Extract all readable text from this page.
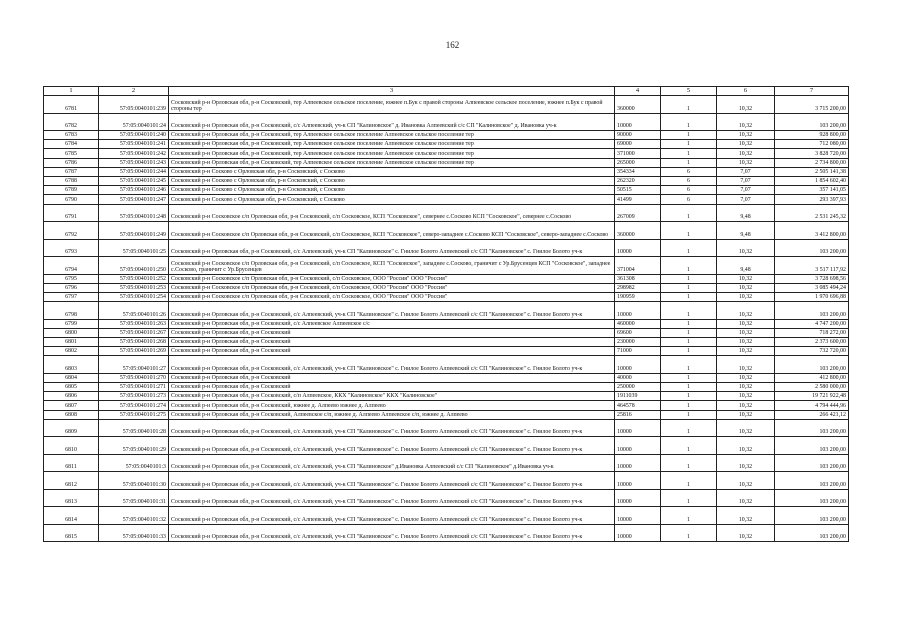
162
1	2	3	4	5	6	7
6781	57:05:0040101:239	Сосковский р-н Орловская обл, р-н Сосковский, тер Алпеевское сельское поселение, южнее п.Бук с правой стороны Алпеевское сельское поселение, южнее п.Бук с правой стороны тер	360000	1	10,32	3 715 200,00
6782	57:05:0040101:24	Сосковский р-н Орловская обл, р-н Сосковский, с/с Алпеевский, уч-к СП "Калиновское" д. Ивановка Алпеевский с/с СП "Калиновское" д. Ивановка уч-к	10000	1	10,32	103 200,00
6783	57:05:0040101:240	Сосковский р-н Орловская обл, р-н Сосковский, тер Алпеевское сельское поселение Алпеевское сельское поселение тер	90000	1	10,32	928 800,00
6784	57:05:0040101:241	Сосковский р-н Орловская обл, р-н Сосковский, тер Алпеевское сельское поселение Алпеевское сельское поселение тер	69000	1	10,32	712 080,00
6785	57:05:0040101:242	Сосковский р-н Орловская обл, р-н Сосковский, тер Алпеевское сельское поселение Алпеевское сельское поселение тер	371000	1	10,32	3 828 720,00
6786	57:05:0040101:243	Сосковский р-н Орловская обл, р-н Сосковский, тер Алпеевское сельское поселение Алпеевское сельское поселение тер	265000	1	10,32	2 734 800,00
6787	57:05:0040101:244	Сосковский р-н Сосково с Орловская обл, р-н Сосковский, с Сосково	354334	6	7,07	2 505 141,38
6788	57:05:0040101:245	Сосковский р-н Сосково с Орловская обл, р-н Сосковский, с Сосково	262320	6	7,07	1 854 602,40
6789	57:05:0040101:246	Сосковский р-н Сосково с Орловская обл, р-н Сосковский, с Сосково	50515	6	7,07	357 141,05
6790	57:05:0040101:247	Сосковский р-н Сосково с Орловская обл, р-н Сосковский, с Сосково	41499	6	7,07	293 397,93
6791	57:05:0040101:248	Сосковский р-н Сосковское с/п Орловская обл, р-н Сосковский, с/п Сосковское, КСП "Сосковское", севернее с.Сосково КСП "Сосковское", севернее с.Сосково	267009	1	9,48	2 531 245,32
6792	57:05:0040101:249	Сосковский р-н Сосковское с/п Орловская обл, р-н Сосковский, с/п Сосковское, КСП "Сосковское", северо-западнее с.Сосково КСП "Сосковское", северо-западнее с.Сосково	360000	1	9,48	3 412 800,00
6793	57:05:0040101:25	Сосковский р-н Орловская обл, р-н Сосковский, с/с Алпеевский, уч-к СП "Калиновское" с. Гнилое Болото Алпеевский с/с СП "Калиновское" с. Гнилое Болото уч-к	10000	1	10,32	103 200,00
6794	57:05:0040101:250	Сосковский р-н Сосковское с/п Орловская обл, р-н Сосковский, с/п Сосковское, КСП "Сосковское", западнее с.Сосково, граничит с Ур.Брусенцев КСП "Сосковское", западнее с.Сосково, граничит с Ур.Брусенцев	371004	1	9,48	3 517 117,92
6795	57:05:0040101:252	Сосковский р-н Сосковское с/п Орловская обл, р-н Сосковский, с/п Сосковское, ООО "Россия" ООО "Россия"	361308	1	10,32	3 728 698,56
6796	57:05:0040101:253	Сосковский р-н Сосковское с/п Орловская обл, р-н Сосковский, с/п Сосковское, ООО "Россия" ООО "Россия"	298982	1	10,32	3 085 494,24
6797	57:05:0040101:254	Сосковский р-н Сосковское с/п Орловская обл, р-н Сосковский, с/п Сосковское, ООО "Россия" ООО "Россия"	190959	1	10,32	1 970 696,88
6798	57:05:0040101:26	Сосковский р-н Орловская обл, р-н Сосковский, с/с Алпеевский, уч-к СП "Калиновское" с. Гнилое Болото Алпеевский с/с СП "Калиновское" с. Гнилое Болото уч-к	10000	1	10,32	103 200,00
6799	57:05:0040101:263	Сосковский р-н Орловская обл, р-н Сосковский, с/с Алпеевское Алпеевское с/с	460000	1	10,32	4 747 200,00
6800	57:05:0040101:267	Сосковский р-н Орловская обл, р-н Сосковский	69600	1	10,32	718 272,00
6801	57:05:0040101:268	Сосковский р-н Орловская обл, р-н Сосковский	230000	1	10,32	2 373 600,00
6802	57:05:0040101:269	Сосковский р-н Орловская обл, р-н Сосковский	71000	1	10,32	732 720,00
6803	57:05:0040101:27	Сосковский р-н Орловская обл, р-н Сосковский, с/с Алпеевский, уч-к СП "Калиновское" с. Гнилое Болото Алпеевский с/с СП "Калиновское" с. Гнилое Болото уч-к	10000	1	10,32	103 200,00
6804	57:05:0040101:270	Сосковский р-н Орловская обл, р-н Сосковский	40000	1	10,32	412 800,00
6805	57:05:0040101:271	Сосковский р-н Орловская обл, р-н Сосковский	250000	1	10,32	2 580 000,00
6806	57:05:0040101:273	Сосковский р-н Орловская обл, р-н Сосковский, с/п Алпеевское, ККХ "Калиновское" ККХ "Калиновское"	1911039	1	10,32	19 721 922,48
6807	57:05:0040101:274	Сосковский р-н Орловская обл, р-н Сосковский, южнее д. Алпеево южнее д. Алпеево	464578	1	10,32	4 794 444,96
6808	57:05:0040101:275	Сосковский р-н Орловская обл, р-н Сосковский, Алпеевское с/п, южнее д. Алпеево Алпеевское с/п, южнее д. Алпеево	25816	1	10,32	266 421,12
6809	57:05:0040101:28	Сосковский р-н Орловская обл, р-н Сосковский, с/с Алпеевский, уч-к СП "Калиновское" с. Гнилое Болото Алпеевский с/с СП "Калиновское" с. Гнилое Болото уч-к	10000	1	10,32	103 200,00
6810	57:05:0040101:29	Сосковский р-н Орловская обл, р-н Сосковский, с/с Алпеевский, уч-к СП "Калиновское" с. Гнилое Болото Алпеевский с/с СП "Калиновское" с. Гнилое Болото уч-к	10000	1	10,32	103 200,00
6811	57:05:0040101:3	Сосковский р-н Орловская обл, р-н Сосковский, с/с Алпеевский, уч-к СП "Калиновское" д.Ивановка Алпеевский с/с СП "Калиновское" д.Ивановка уч-к	10000	1	10,32	103 200,00
6812	57:05:0040101:30	Сосковский р-н Орловская обл, р-н Сосковский, с/с Алпеевский, уч-к СП "Калиновское" с. Гнилое Болото Алпеевский с/с СП "Калиновское" с. Гнилое Болото уч-к	10000	1	10,32	103 200,00
6813	57:05:0040101:31	Сосковский р-н Орловская обл, р-н Сосковский, с/с Алпеевский, уч-к СП "Калиновское" с. Гнилое Болото Алпеевский с/с СП "Калиновское" с. Гнилое Болото уч-к	10000	1	10,32	103 200,00
6814	57:05:0040101:32	Сосковский р-н Орловская обл, р-н Сосковский, с/с Алпеевский, уч-к СП "Калиновское" с. Гнилое Болото Алпеевский с/с СП "Калиновское" с. Гнилое Болото уч-к	10000	1	10,32	103 200,00
6815	57:05:0040101:33	Сосковский р-н Орловская обл, р-н Сосковский, с/с Алпеевский, уч-к СП "Калиновское" с. Гнилое Болото Алпеевский с/с СП "Калиновское" с. Гнилое Болото уч-к	10000	1	10,32	103 200,00
